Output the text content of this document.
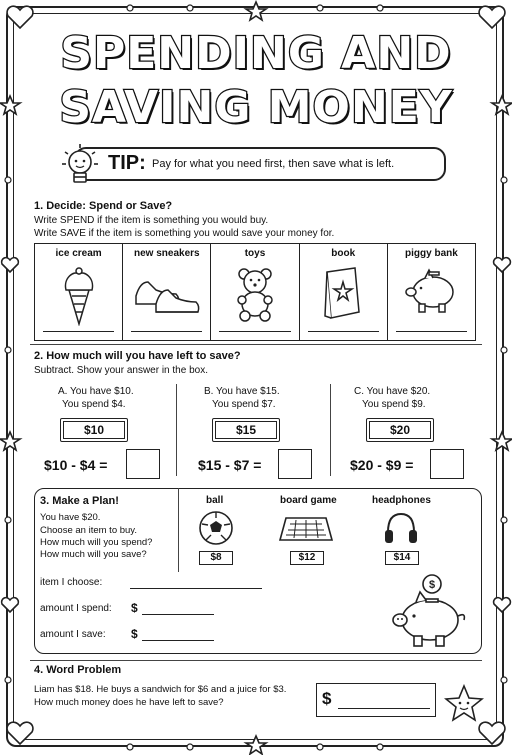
SPENDING AND
SAVING MONEY
TIP: Pay for what you need first, then save what is left.
1. Decide: Spend or Save?
Write SPEND if the item is something you would buy.
Write SAVE if the item is something you would save your money for.
ice cream	new sneakers	toys	book	piggy bank
2. How much will you have left to save?
Subtract. Show your answer in the box.
A. You have $10.
You spend $4.
$10
$10 - $4 =
B. You have $15.
You spend $7.
$15
$15 - $7 =
C. You have $20.
You spend $9.
$20
$20 - $9 =
3. Make a Plan!
You have $20.
Choose an item to buy.
How much will you spend?
How much will you save?
ball
$8
board game
$12
headphones
$14
item I choose:
amount I spend: $
amount I save: $
$
4. Word Problem
Liam has $18. He buys a sandwich for $6 and a juice for $3.
How much money does he have left to save?	$
